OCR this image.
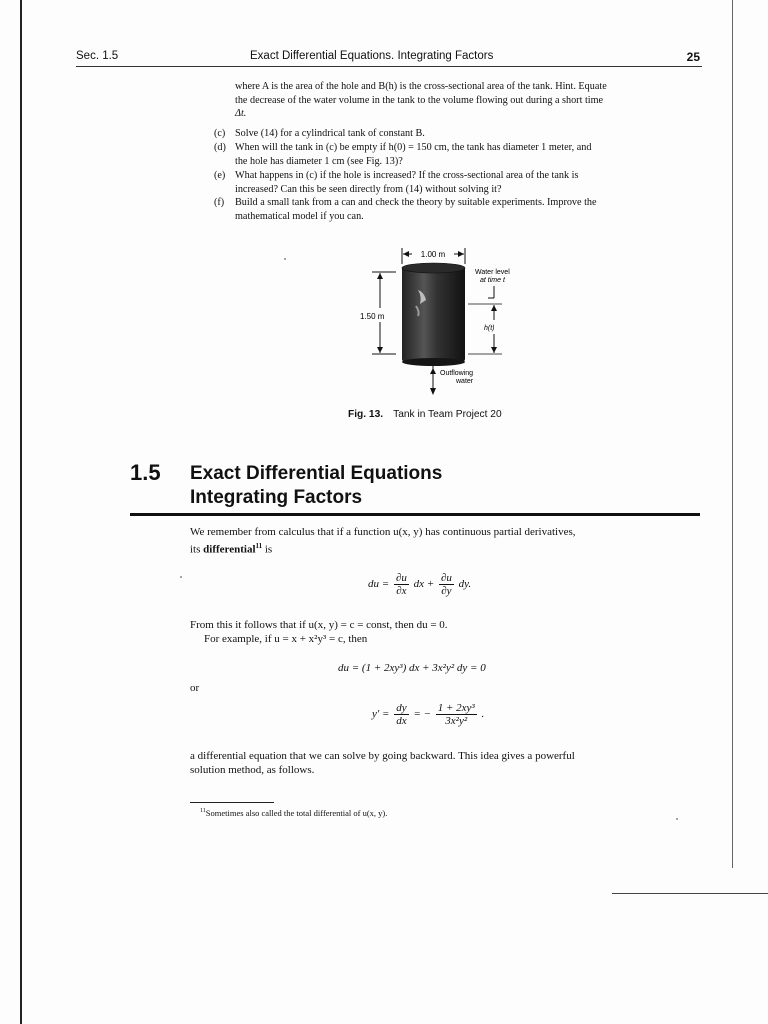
Sec. 1.5	Exact Differential Equations. Integrating Factors	25
where A is the area of the hole and B(h) is the cross-sectional area of the tank. Hint. Equate
the decrease of the water volume in the tank to the volume flowing out during a short time
Δt.
(c) Solve (14) for a cylindrical tank of constant B.
(d) When will the tank in (c) be empty if h(0) = 150 cm, the tank has diameter 1 meter, and
the hole has diameter 1 cm (see Fig. 13)?
(e) What happens in (c) if the hole is increased? If the cross-sectional area of the tank is
increased? Can this be seen directly from (14) without solving it?
(f) Build a small tank from a can and check the theory by suitable experiments. Improve the
mathematical model if you can.
1.00 m
1.50 m
Outflowing
water
Water level
at time t
h(t)
Fig. 13. Tank in Team Project 20
1.5 Exact Differential Equations
Integrating Factors
We remember from calculus that if a function u(x, y) has continuous partial derivatives,
its differential$^{11}$ is
du = $\frac{\partial u}{\partial x}$ dx + $\frac{\partial u}{\partial y}$ dy.
From this it follows that if u(x, y) = c = const, then du = 0.
For example, if u = x + x²y³ = c, then
du = (1 + 2xy³) dx + 3x²y² dy = 0
or
$y' = \frac{dy}{dx}$ = − $\frac{\text{1 + 2xy³}}{\text{3x²y²}}$ .
a differential equation that we can solve by going backward. This idea gives a powerful
solution method, as follows.
$^{11}$Sometimes also called the total differential of u(x, y).
